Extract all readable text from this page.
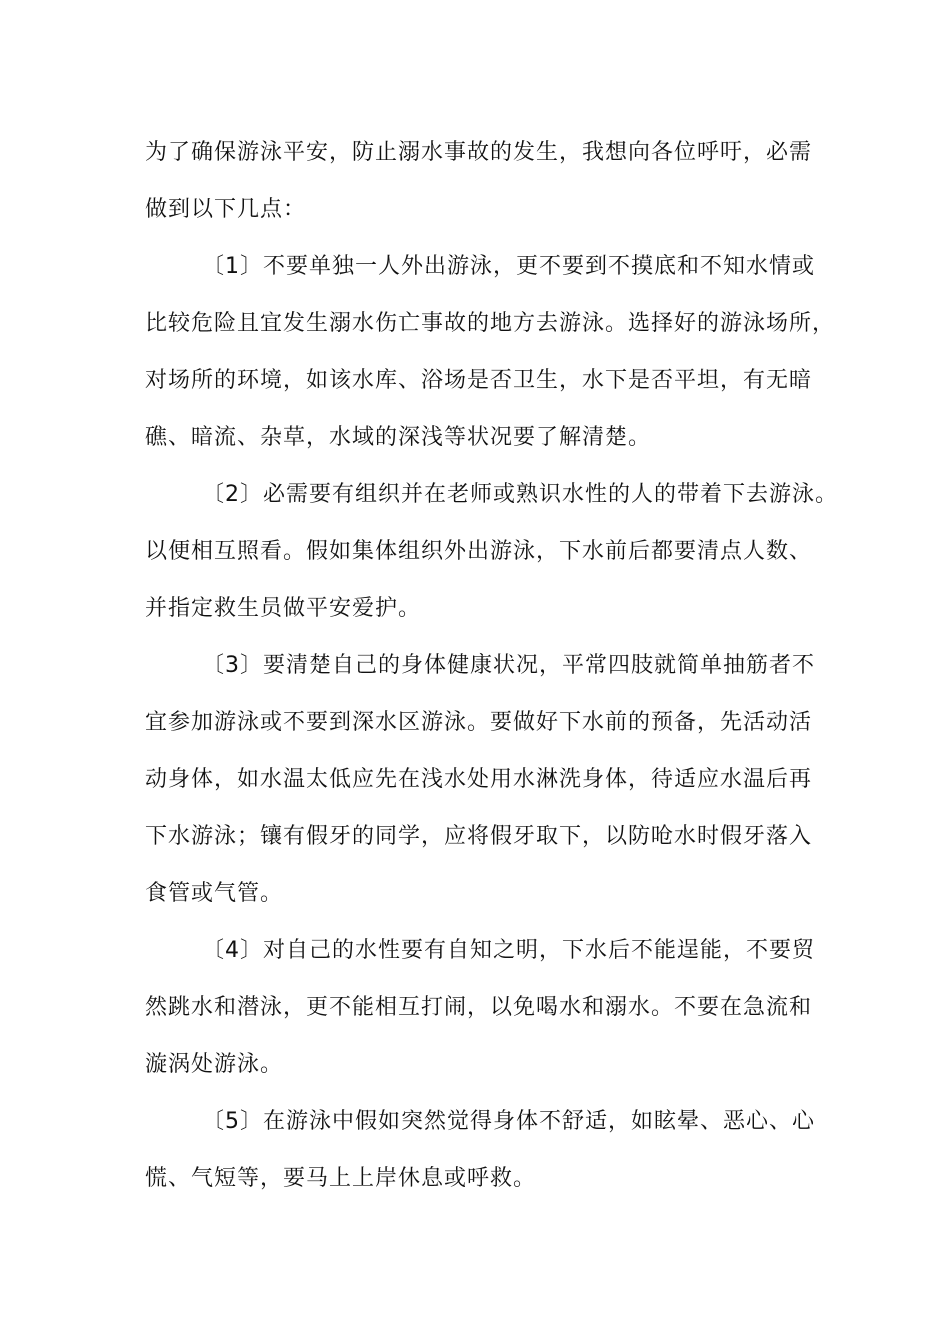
为了确保游泳平安，防止溺水事故的发生，我想向各位呼吁，必需
做到以下几点：

〔1〕不要单独一人外出游泳，更不要到不摸底和不知水情或
比较危险且宜发生溺水伤亡事故的地方去游泳。选择好的游泳场所，
对场所的环境，如该水库、浴场是否卫生，水下是否平坦，有无暗
礁、暗流、杂草，水域的深浅等状况要了解清楚。

〔2〕必需要有组织并在老师或熟识水性的人的带着下去游泳。
以便相互照看。假如集体组织外出游泳，下水前后都要清点人数、
并指定救生员做平安爱护。

〔3〕要清楚自己的身体健康状况，平常四肢就简单抽筋者不
宜参加游泳或不要到深水区游泳。要做好下水前的预备，先活动活
动身体，如水温太低应先在浅水处用水淋洗身体，待适应水温后再
下水游泳；镶有假牙的同学，应将假牙取下，以防呛水时假牙落入
食管或气管。

〔4〕对自己的水性要有自知之明，下水后不能逞能，不要贸
然跳水和潜泳，更不能相互打闹，以免喝水和溺水。不要在急流和
漩涡处游泳。

〔5〕在游泳中假如突然觉得身体不舒适，如眩晕、恶心、心
慌、气短等，要马上上岸休息或呼救。
